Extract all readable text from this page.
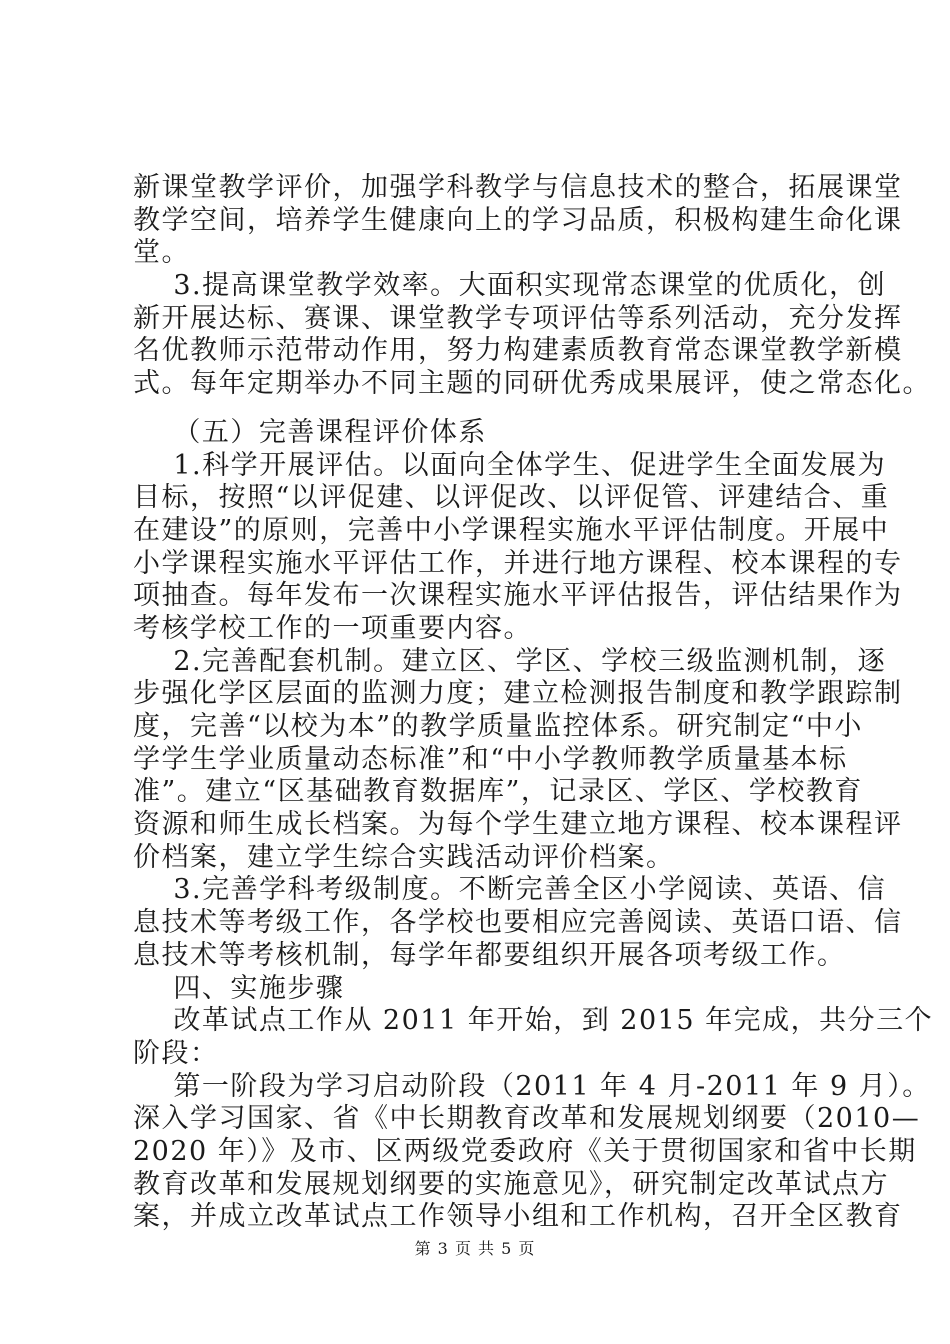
新课堂教学评价，加强学科教学与信息技术的整合，拓展课堂
教学空间，培养学生健康向上的学习品质，积极构建生命化课
堂。
3.提高课堂教学效率。大面积实现常态课堂的优质化，创
新开展达标、赛课、课堂教学专项评估等系列活动，充分发挥
名优教师示范带动作用，努力构建素质教育常态课堂教学新模
式。每年定期举办不同主题的同研优秀成果展评，使之常态化。
（五）完善课程评价体系
1.科学开展评估。以面向全体学生、促进学生全面发展为
目标，按照“以评促建、以评促改、以评促管、评建结合、重
在建设”的原则，完善中小学课程实施水平评估制度。开展中
小学课程实施水平评估工作，并进行地方课程、校本课程的专
项抽查。每年发布一次课程实施水平评估报告，评估结果作为
考核学校工作的一项重要内容。
2.完善配套机制。建立区、学区、学校三级监测机制，逐
步强化学区层面的监测力度；建立检测报告制度和教学跟踪制
度，完善“以校为本”的教学质量监控体系。研究制定“中小
学学生学业质量动态标准”和“中小学教师教学质量基本标
准”。建立“区基础教育数据库”，记录区、学区、学校教育
资源和师生成长档案。为每个学生建立地方课程、校本课程评
价档案，建立学生综合实践活动评价档案。
3.完善学科考级制度。不断完善全区小学阅读、英语、信
息技术等考级工作，各学校也要相应完善阅读、英语口语、信
息技术等考核机制，每学年都要组织开展各项考级工作。
四、实施步骤
改革试点工作从 2011 年开始，到 2015 年完成，共分三个
阶段：
第一阶段为学习启动阶段（2011 年 4 月-2011 年 9 月）。
深入学习国家、省《中长期教育改革和发展规划纲要（2010—
2020 年）》及市、区两级党委政府《关于贯彻国家和省中长期
教育改革和发展规划纲要的实施意见》，研究制定改革试点方
案，并成立改革试点工作领导小组和工作机构，召开全区教育
第 3 页 共 5 页
